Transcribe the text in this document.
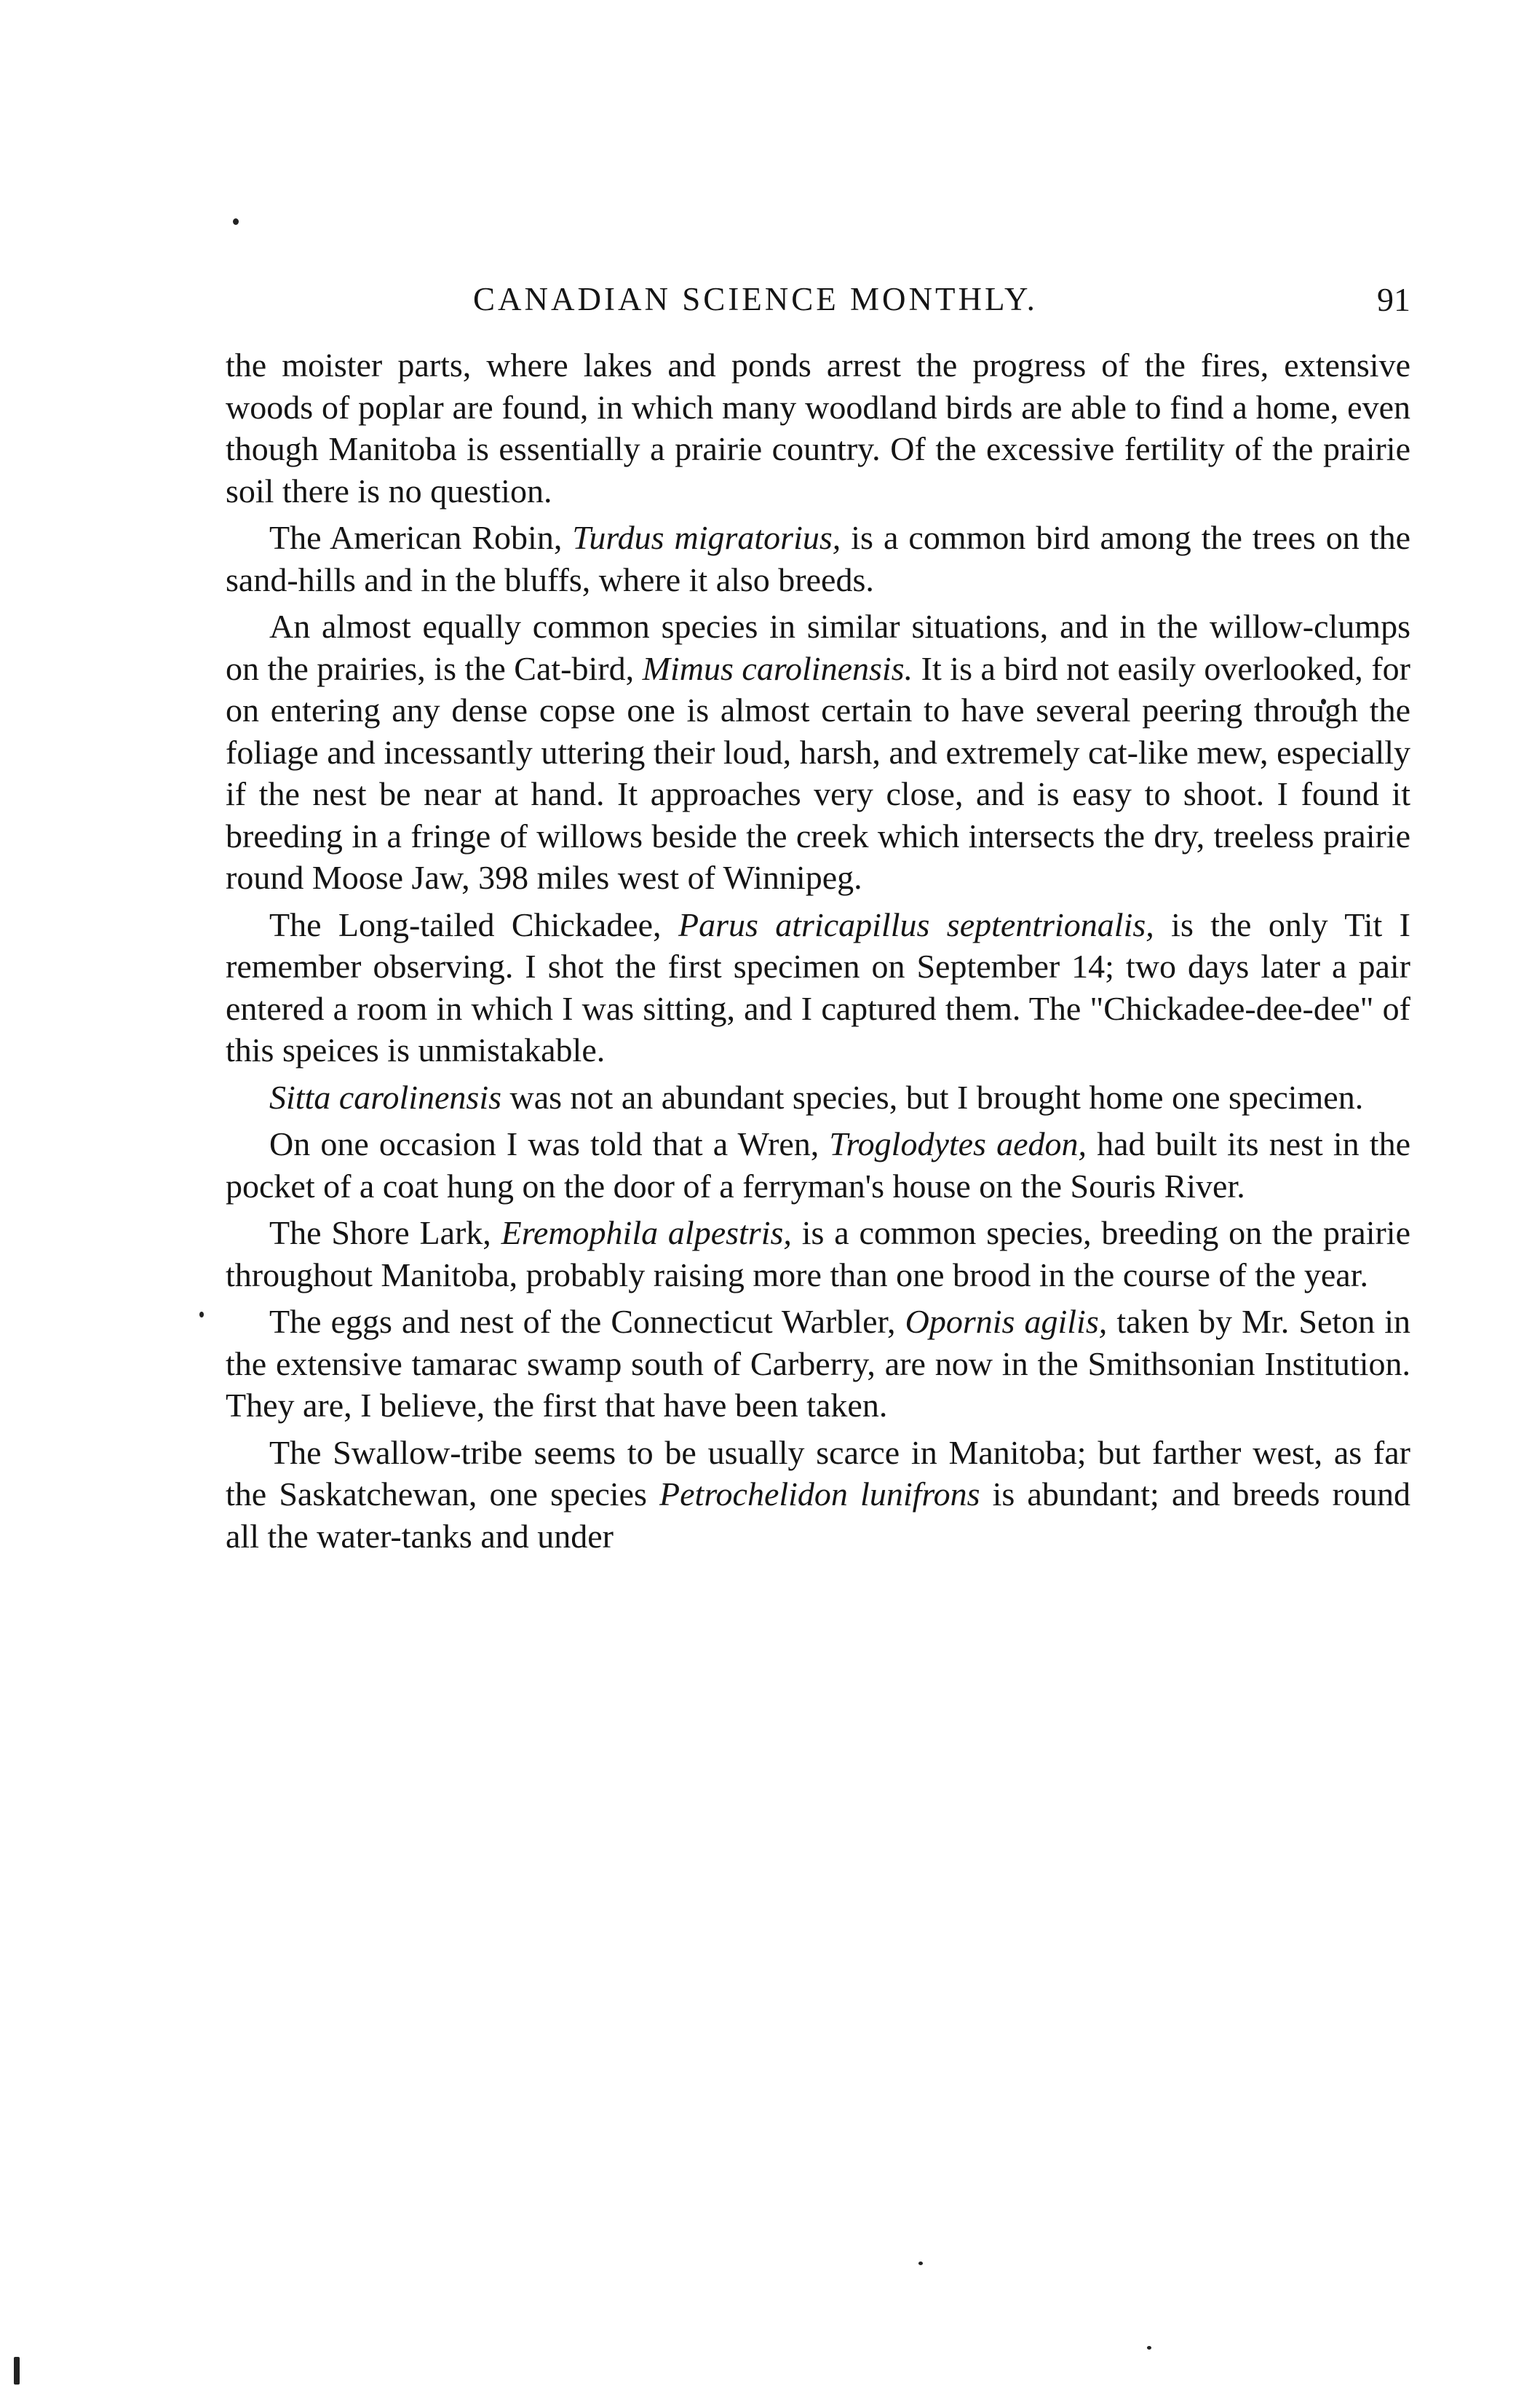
CANADIAN SCIENCE MONTHLY.	91

the moister parts, where lakes and ponds arrest the progress of the fires, extensive woods of poplar are found, in which many woodland birds are able to find a home, even though Manitoba is essentially a prairie country. Of the excessive fertility of the prairie soil there is no question.

The American Robin, Turdus migratorius, is a common bird among the trees on the sand-hills and in the bluffs, where it also breeds.

An almost equally common species in similar situations, and in the willow-clumps on the prairies, is the Cat-bird, Mimus carolinensis. It is a bird not easily overlooked, for on entering any dense copse one is almost certain to have several peering through the foliage and incessantly uttering their loud, harsh, and extremely cat-like mew, especially if the nest be near at hand. It approaches very close, and is easy to shoot. I found it breeding in a fringe of willows beside the creek which intersects the dry, treeless prairie round Moose Jaw, 398 miles west of Winnipeg.

The Long-tailed Chickadee, Parus atricapillus septentrionalis, is the only Tit I remember observing. I shot the first specimen on September 14; two days later a pair entered a room in which I was sitting, and I captured them. The "Chickadee-dee-dee" of this speices is unmistakable.

Sitta carolinensis was not an abundant species, but I brought home one specimen.

On one occasion I was told that a Wren, Troglodytes aedon, had built its nest in the pocket of a coat hung on the door of a ferryman's house on the Souris River.

The Shore Lark, Eremophila alpestris, is a common species, breeding on the prairie throughout Manitoba, probably raising more than one brood in the course of the year.

The eggs and nest of the Connecticut Warbler, Opornis agilis, taken by Mr. Seton in the extensive tamarac swamp south of Carberry, are now in the Smithsonian Institution. They are, I believe, the first that have been taken.

The Swallow-tribe seems to be usually scarce in Manitoba; but farther west, as far the Saskatchewan, one species Petrochelidon lunifrons is abundant; and breeds round all the water-tanks and under
